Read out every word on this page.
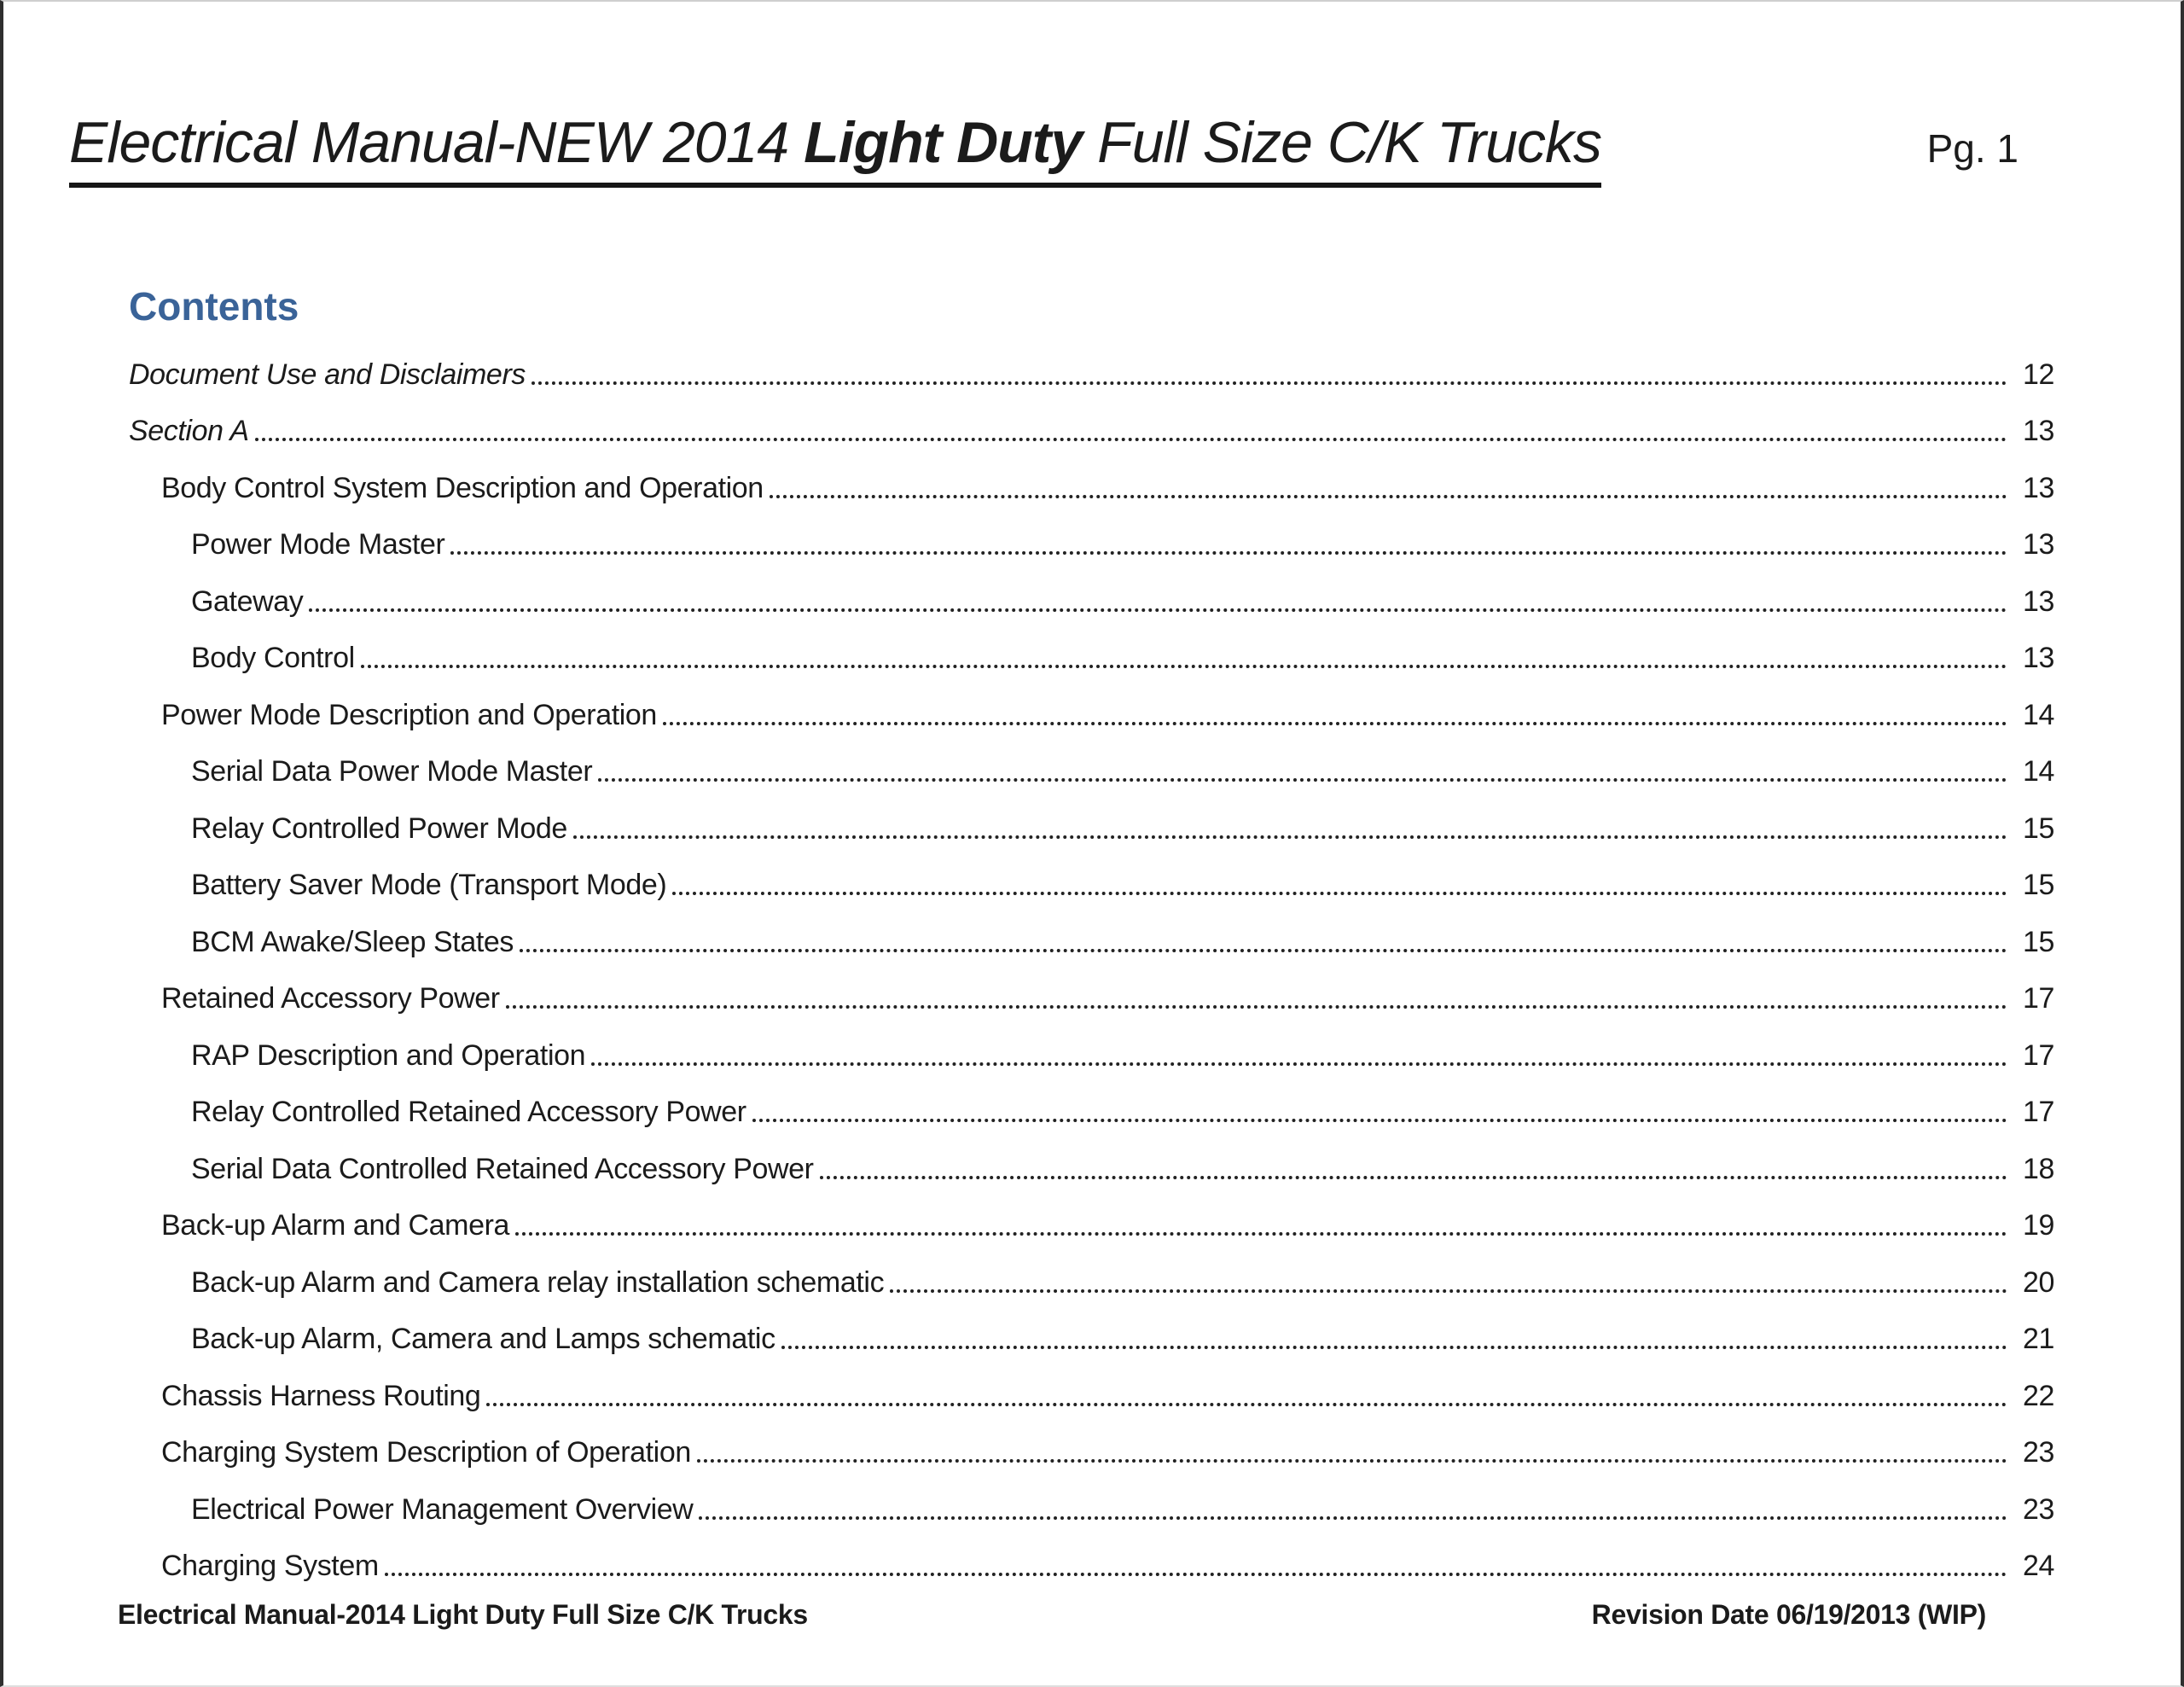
Electrical Manual-NEW 2014 Light Duty Full Size C/K Trucks	Pg. 1
Contents
Document Use and Disclaimers	12
Section A	13
Body Control System Description and Operation	13
Power Mode Master	13
Gateway	13
Body Control	13
Power Mode Description and Operation	14
Serial Data Power Mode Master	14
Relay Controlled Power Mode	15
Battery Saver Mode (Transport Mode)	15
BCM Awake/Sleep States	15
Retained Accessory Power	17
RAP Description and Operation	17
Relay Controlled Retained Accessory Power	17
Serial Data Controlled Retained Accessory Power	18
Back-up Alarm and Camera	19
Back-up Alarm and Camera relay installation schematic	20
Back-up Alarm, Camera and Lamps schematic	21
Chassis Harness Routing	22
Charging System Description of Operation	23
Electrical Power Management Overview	23
Charging System	24
Electrical Manual-2014 Light Duty Full Size C/K Trucks	Revision Date 06/19/2013 (WIP)
